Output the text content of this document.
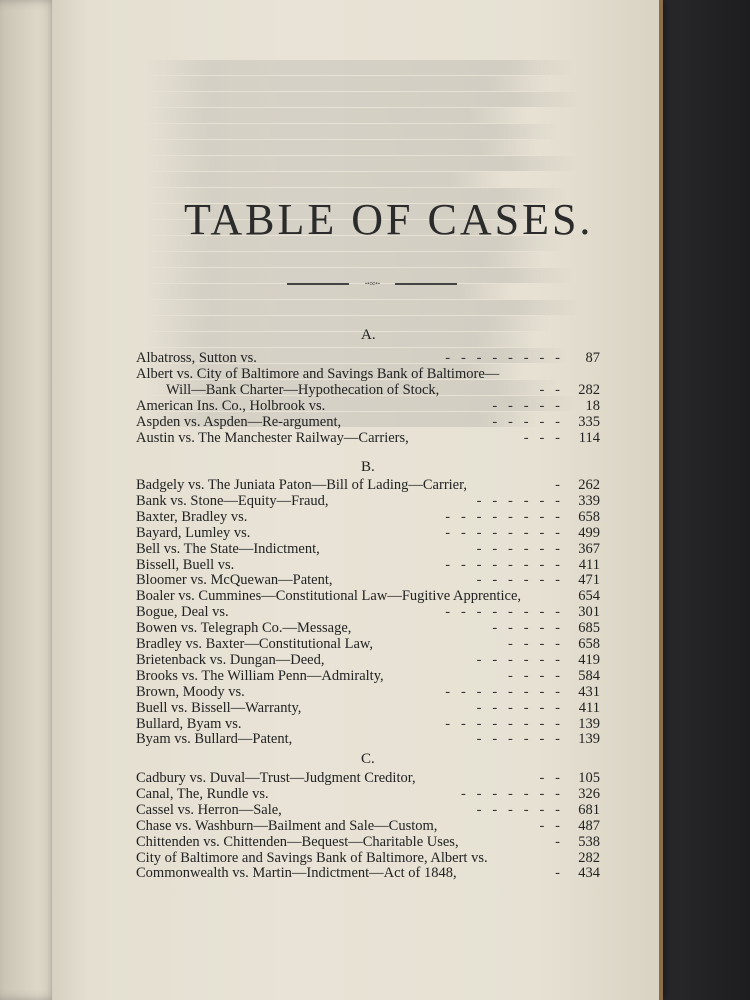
TABLE OF CASES.
∙⋅◦◦⋅∙
A.
Albatross, Sutton vs.	-   -   -   -   -   -   -   - 87
Albert vs. City of Baltimore and Savings Bank of Baltimore—
Will—Bank Charter—Hypothecation of Stock,	-   - 282
American Ins. Co., Holbrook vs.	-   -   -   -   - 18
Aspden vs. Aspden—Re-argument,	-   -   -   -   - 335
Austin vs. The Manchester Railway—Carriers,	-   -   - 114
B.
Badgely vs. The Juniata Paton—Bill of Lading—Carrier,	- 262
Bank vs. Stone—Equity—Fraud,	-   -   -   -   -   - 339
Baxter, Bradley vs.	-   -   -   -   -   -   -   - 658
Bayard, Lumley vs.	-   -   -   -   -   -   -   - 499
Bell vs. The State—Indictment,	-   -   -   -   -   - 367
Bissell, Buell vs.	-   -   -   -   -   -   -   - 411
Bloomer vs. McQuewan—Patent,	-   -   -   -   -   - 471
Boaler vs. Cummines—Constitutional Law—Fugitive Apprentice,	654
Bogue, Deal vs.	-   -   -   -   -   -   -   - 301
Bowen vs. Telegraph Co.—Message,	-   -   -   -   - 685
Bradley vs. Baxter—Constitutional Law,	-   -   -   - 658
Brietenback vs. Dungan—Deed,	-   -   -   -   -   - 419
Brooks vs. The William Penn—Admiralty,	-   -   -   - 584
Brown, Moody vs.	-   -   -   -   -   -   -   - 431
Buell vs. Bissell—Warranty,	-   -   -   -   -   - 411
Bullard, Byam vs.	-   -   -   -   -   -   -   - 139
Byam vs. Bullard—Patent,	-   -   -   -   -   - 139
C.
Cadbury vs. Duval—Trust—Judgment Creditor,	-   - 105
Canal, The, Rundle vs.	-   -   -   -   -   -   - 326
Cassel vs. Herron—Sale,	-   -   -   -   -   - 681
Chase vs. Washburn—Bailment and Sale—Custom,	-   - 487
Chittenden vs. Chittenden—Bequest—Charitable Uses,	- 538
City of Baltimore and Savings Bank of Baltimore, Albert vs.	282
Commonwealth vs. Martin—Indictment—Act of 1848,	- 434
